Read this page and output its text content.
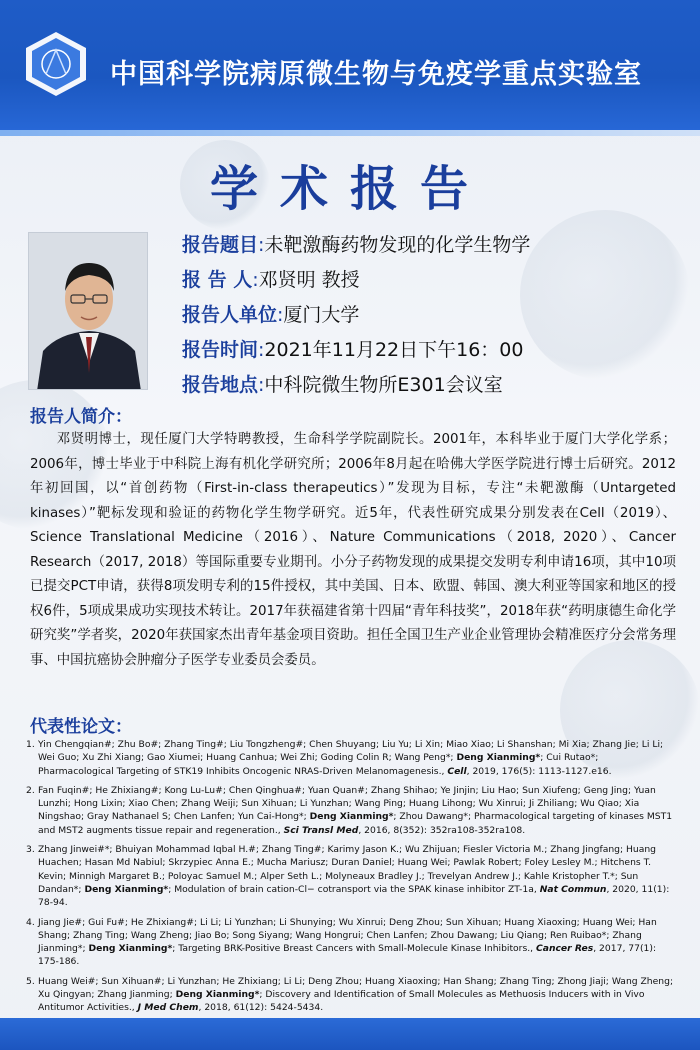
中国科学院病原微生物与免疫学重点实验室
学术报告
报告题目:未靶激酶药物发现的化学生物学
报 告 人:邓贤明 教授
报告人单位:厦门大学
报告时间:2021年11月22日下午16：00
报告地点:中科院微生物所E301会议室
报告人简介：

邓贤明博士，现任厦门大学特聘教授，生命科学学院副院长。2001年，本科毕业于厦门大学化学系；2006年，博士毕业于中科院上海有机化学研究所；2006年8月起在哈佛大学医学院进行博士后研究。2012年初回国，以“首创药物（First-in-class therapeutics）”发现为目标，专注“未靶激酶（Untargeted kinases）”靶标发现和验证的药物化学生物学研究。近5年，代表性研究成果分别发表在Cell（2019）、Science Translational Medicine（2016）、Nature Communications（2018, 2020）、Cancer Research（2017, 2018）等国际重要专业期刊。小分子药物发现的成果提交发明专利申请16项，其中10项已提交PCT申请，获得8项发明专利的15件授权，其中美国、日本、欧盟、韩国、澳大利亚等国家和地区的授权6件，5项成果成功实现技术转让。2017年获福建省第十四届“青年科技奖”，2018年获“药明康德生命化学研究奖”学者奖，2020年获国家杰出青年基金项目资助。担任全国卫生产业企业管理协会精准医疗分会常务理事、中国抗癌协会肿瘤分子医学专业委员会委员。

代表性论文：
1. Yin Chengqian#; Zhu Bo#; Zhang Ting#; Liu Tongzheng#; Chen Shuyang; Liu Yu; Li Xin; Miao Xiao; Li Shanshan; Mi Xia; Zhang Jie; Li Li; Wei Guo; Xu Zhi Xiang; Gao Xiumei; Huang Canhua; Wei Zhi; Goding Colin R; Wang Peng*; Deng Xianming*; Cui Rutao*; Pharmacological Targeting of STK19 Inhibits Oncogenic NRAS-Driven Melanomagenesis., Cell, 2019, 176(5): 1113-1127.e16.
2. Fan Fuqin#; He Zhixiang#; Kong Lu-Lu#; Chen Qinghua#; Yuan Quan#; Zhang Shihao; Ye Jinjin; Liu Hao; Sun Xiufeng; Geng Jing; Yuan Lunzhi; Hong Lixin; Xiao Chen; Zhang Weiji; Sun Xihuan; Li Yunzhan; Wang Ping; Huang Lihong; Wu Xinrui; Ji Zhiliang; Wu Qiao; Xia Ningshao; Gray Nathanael S; Chen Lanfen; Yun Cai-Hong*; Deng Xianming*; Zhou Dawang*; Pharmacological targeting of kinases MST1 and MST2 augments tissue repair and regeneration., Sci Transl Med, 2016, 8(352): 352ra108-352ra108.
3. Zhang Jinwei#*; Bhuiyan Mohammad Iqbal H.#; Zhang Ting#; Karimy Jason K.; Wu Zhijuan; Fiesler Victoria M.; Zhang Jingfang; Huang Huachen; Hasan Md Nabiul; Skrzypiec Anna E.; Mucha Mariusz; Duran Daniel; Huang Wei; Pawlak Robert; Foley Lesley M.; Hitchens T. Kevin; Minnigh Margaret B.; Poloyac Samuel M.; Alper Seth L.; Molyneaux Bradley J.; Trevelyan Andrew J.; Kahle Kristopher T.*; Sun Dandan*; Deng Xianming*; Modulation of brain cation-Cl− cotransport via the SPAK kinase inhibitor ZT-1a, Nat Commun, 2020, 11(1): 78-94.
4. Jiang Jie#; Gui Fu#; He Zhixiang#; Li Li; Li Yunzhan; Li Shunying; Wu Xinrui; Deng Zhou; Sun Xihuan; Huang Xiaoxing; Huang Wei; Han Shang; Zhang Ting; Wang Zheng; Jiao Bo; Song Siyang; Wang Hongrui; Chen Lanfen; Zhou Dawang; Liu Qiang; Ren Ruibao*; Zhang Jianming*; Deng Xianming*; Targeting BRK-Positive Breast Cancers with Small-Molecule Kinase Inhibitors., Cancer Res, 2017, 77(1): 175-186.
5. Huang Wei#; Sun Xihuan#; Li Yunzhan; He Zhixiang; Li Li; Deng Zhou; Huang Xiaoxing; Han Shang; Zhang Ting; Zhong Jiaji; Wang Zheng; Xu Qingyan; Zhang Jianming; Deng Xianming*; Discovery and Identification of Small Molecules as Methuosis Inducers with in Vivo Antitumor Activities., J Med Chem, 2018, 61(12): 5424-5434.
